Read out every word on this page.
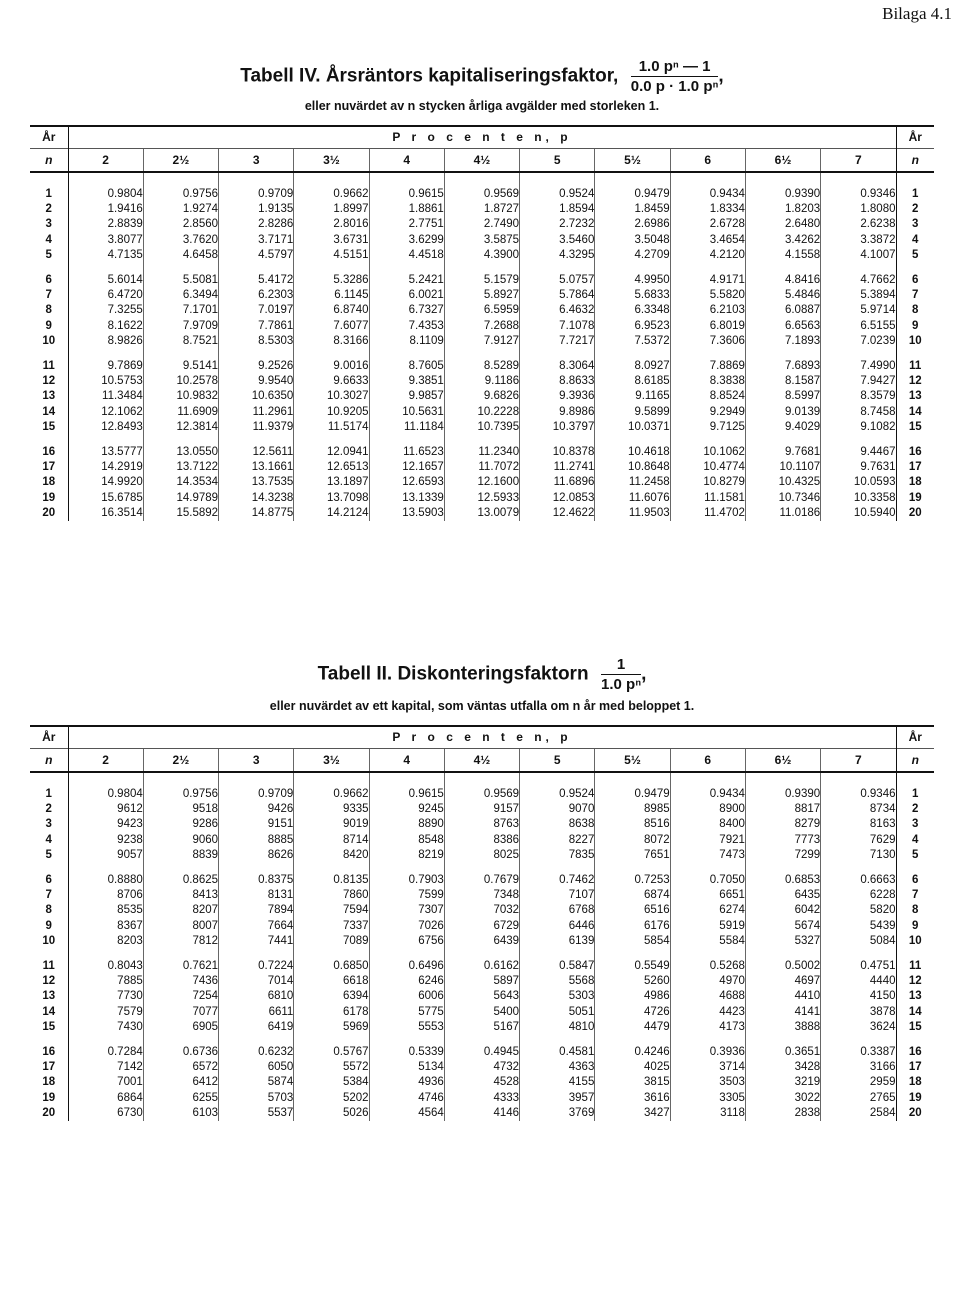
Bilaga 4.1
Tabell IV. Årsräntors kapitaliseringsfaktor, $\frac{\text{1.0 pⁿ — 1}}{\text{0.0 p · 1.0 pⁿ}}$ ,
eller nuvärdet av n stycken årliga avgälder med storleken 1.
År	P r o c e n t e n, p											År
n	2	2½	3	3½	4	4½	5	5½	6	6½	7	n

1	0.9804	0.9756	0.9709	0.9662	0.9615	0.9569	0.9524	0.9479	0.9434	0.9390	0.9346	1
2	1.9416	1.9274	1.9135	1.8997	1.8861	1.8727	1.8594	1.8459	1.8334	1.8203	1.8080	2
3	2.8839	2.8560	2.8286	2.8016	2.7751	2.7490	2.7232	2.6986	2.6728	2.6480	2.6238	3
4	3.8077	3.7620	3.7171	3.6731	3.6299	3.5875	3.5460	3.5048	3.4654	3.4262	3.3872	4
5	4.7135	4.6458	4.5797	4.5151	4.4518	4.3900	4.3295	4.2709	4.2120	4.1558	4.1007	5

6	5.6014	5.5081	5.4172	5.3286	5.2421	5.1579	5.0757	4.9950	4.9171	4.8416	4.7662	6
7	6.4720	6.3494	6.2303	6.1145	6.0021	5.8927	5.7864	5.6833	5.5820	5.4846	5.3894	7
8	7.3255	7.1701	7.0197	6.8740	6.7327	6.5959	6.4632	6.3348	6.2103	6.0887	5.9714	8
9	8.1622	7.9709	7.7861	7.6077	7.4353	7.2688	7.1078	6.9523	6.8019	6.6563	6.5155	9
10	8.9826	8.7521	8.5303	8.3166	8.1109	7.9127	7.7217	7.5372	7.3606	7.1893	7.0239	10

11	9.7869	9.5141	9.2526	9.0016	8.7605	8.5289	8.3064	8.0927	7.8869	7.6893	7.4990	11
12	10.5753	10.2578	9.9540	9.6633	9.3851	9.1186	8.8633	8.6185	8.3838	8.1587	7.9427	12
13	11.3484	10.9832	10.6350	10.3027	9.9857	9.6826	9.3936	9.1165	8.8524	8.5997	8.3579	13
14	12.1062	11.6909	11.2961	10.9205	10.5631	10.2228	9.8986	9.5899	9.2949	9.0139	8.7458	14
15	12.8493	12.3814	11.9379	11.5174	11.1184	10.7395	10.3797	10.0371	9.7125	9.4029	9.1082	15

16	13.5777	13.0550	12.5611	12.0941	11.6523	11.2340	10.8378	10.4618	10.1062	9.7681	9.4467	16
17	14.2919	13.7122	13.1661	12.6513	12.1657	11.7072	11.2741	10.8648	10.4774	10.1107	9.7631	17
18	14.9920	14.3534	13.7535	13.1897	12.6593	12.1600	11.6896	11.2458	10.8279	10.4325	10.0593	18
19	15.6785	14.9789	14.3238	13.7098	13.1339	12.5933	12.0853	11.6076	11.1581	10.7346	10.3358	19
20	16.3514	15.5892	14.8775	14.2124	13.5903	13.0079	12.4622	11.9503	11.4702	11.0186	10.5940	20
Tabell II. Diskonteringsfaktorn $\frac{1}{\text{1.0 pⁿ}}$ ,
eller nuvärdet av ett kapital, som väntas utfalla om n år med beloppet 1.
År	P r o c e n t e n, p											År
n	2	2½	3	3½	4	4½	5	5½	6	6½	7	n

1	0.9804	0.9756	0.9709	0.9662	0.9615	0.9569	0.9524	0.9479	0.9434	0.9390	0.9346	1
2	9612	9518	9426	9335	9245	9157	9070	8985	8900	8817	8734	2
3	9423	9286	9151	9019	8890	8763	8638	8516	8400	8279	8163	3
4	9238	9060	8885	8714	8548	8386	8227	8072	7921	7773	7629	4
5	9057	8839	8626	8420	8219	8025	7835	7651	7473	7299	7130	5

6	0.8880	0.8625	0.8375	0.8135	0.7903	0.7679	0.7462	0.7253	0.7050	0.6853	0.6663	6
7	8706	8413	8131	7860	7599	7348	7107	6874	6651	6435	6228	7
8	8535	8207	7894	7594	7307	7032	6768	6516	6274	6042	5820	8
9	8367	8007	7664	7337	7026	6729	6446	6176	5919	5674	5439	9
10	8203	7812	7441	7089	6756	6439	6139	5854	5584	5327	5084	10

11	0.8043	0.7621	0.7224	0.6850	0.6496	0.6162	0.5847	0.5549	0.5268	0.5002	0.4751	11
12	7885	7436	7014	6618	6246	5897	5568	5260	4970	4697	4440	12
13	7730	7254	6810	6394	6006	5643	5303	4986	4688	4410	4150	13
14	7579	7077	6611	6178	5775	5400	5051	4726	4423	4141	3878	14
15	7430	6905	6419	5969	5553	5167	4810	4479	4173	3888	3624	15

16	0.7284	0.6736	0.6232	0.5767	0.5339	0.4945	0.4581	0.4246	0.3936	0.3651	0.3387	16
17	7142	6572	6050	5572	5134	4732	4363	4025	3714	3428	3166	17
18	7001	6412	5874	5384	4936	4528	4155	3815	3503	3219	2959	18
19	6864	6255	5703	5202	4746	4333	3957	3616	3305	3022	2765	19
20	6730	6103	5537	5026	4564	4146	3769	3427	3118	2838	2584	20
